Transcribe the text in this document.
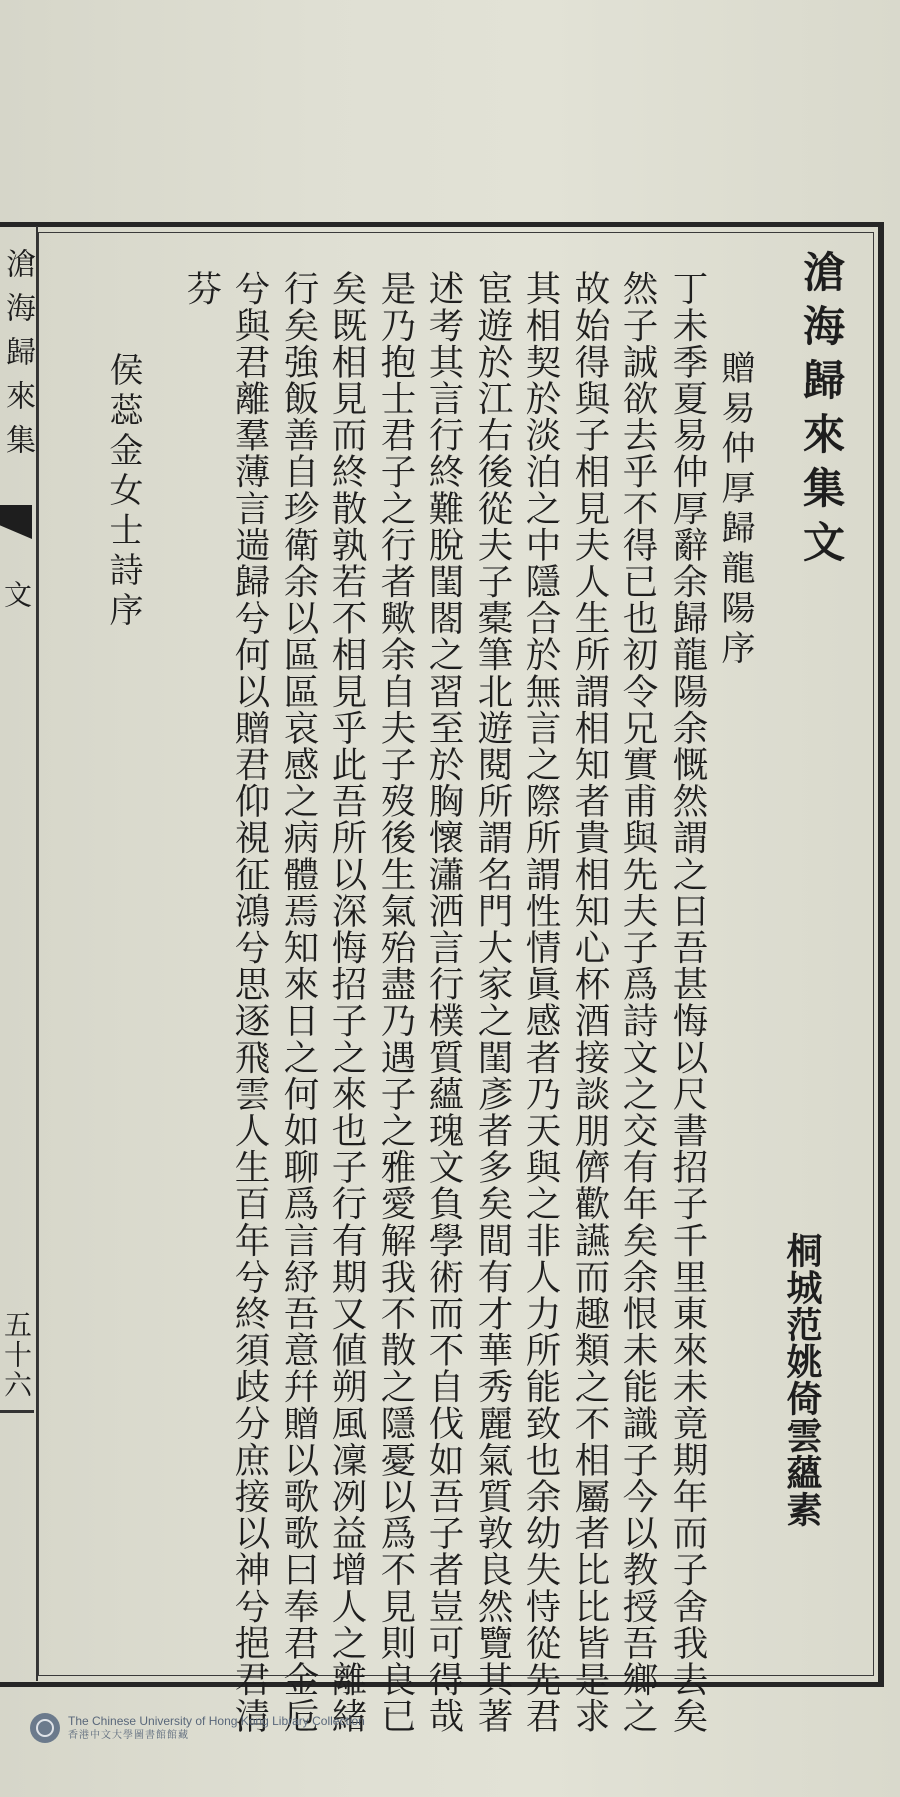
滄海歸來集
文
五十六
滄海歸來集文
桐城范姚倚雲蘊素
贈易仲厚歸龍陽序
丁未季夏易仲厚辭余歸龍陽余慨然謂之曰吾甚悔以尺書招子千里東來未竟期年而子舍我去矣
然子誠欲去乎不得已也初令兄實甫與先夫子爲詩文之交有年矣余恨未能識子今以教授吾鄉之
故始得與子相見夫人生所謂相知者貴相知心杯酒接談朋儕歡讌而趣類之不相屬者比比皆是求
其相契於淡泊之中隱合於無言之際所謂性情眞感者乃天與之非人力所能致也余幼失恃從先君
宦遊於江右後從夫子橐筆北遊閱所謂名門大家之閨彥者多矣間有才華秀麗氣質敦良然覽其著
述考其言行終難脫閨閤之習至於胸懷瀟洒言行樸質蘊瑰文負學術而不自伐如吾子者豈可得哉
是乃抱士君子之行者歟余自夫子歿後生氣殆盡乃遇子之雅愛解我不散之隱憂以爲不見則良已
矣既相見而終散孰若不相見乎此吾所以深悔招子之來也子行有期又値朔風凜冽益增人之離緒
行矣強飯善自珍衛余以區區哀感之病體焉知來日之何如聊爲言紓吾意幷贈以歌歌曰奉君金卮
兮與君離羣薄言遄歸兮何以贈君仰視征鴻兮思逐飛雲人生百年兮終須歧分庶接以神兮挹君清
芬
侯蕊金女士詩序
The Chinese University of Hong Kong Library Collection
香港中文大學圖書館館藏
